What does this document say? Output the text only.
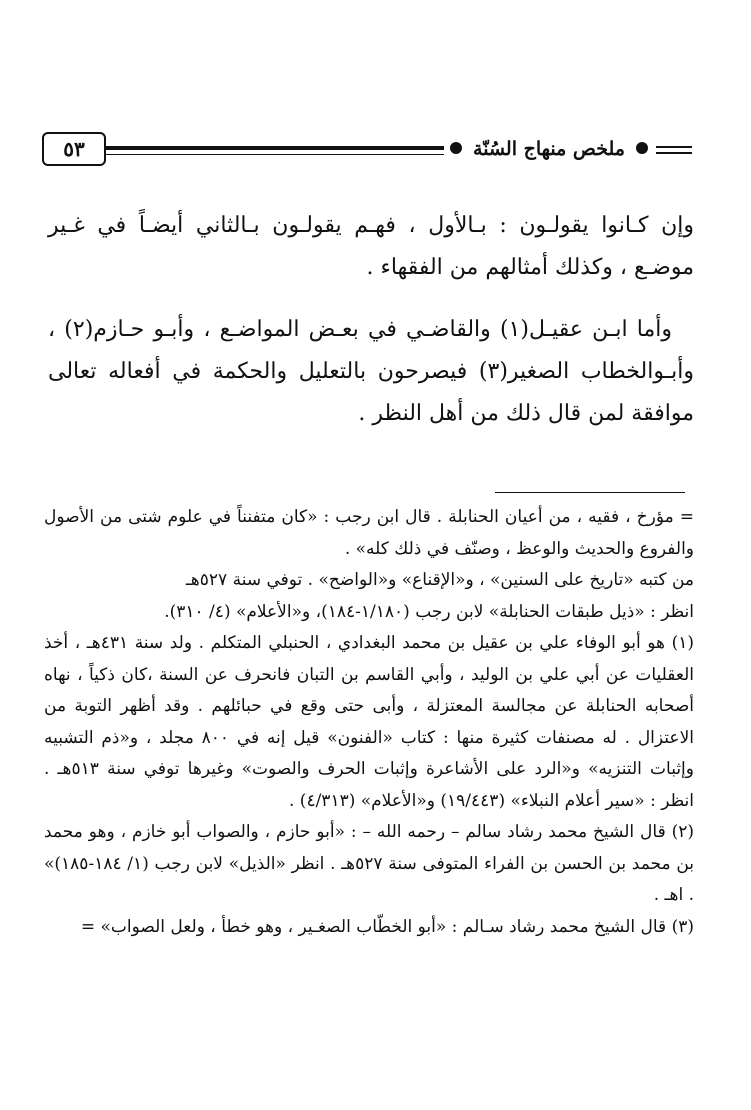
٥٣	ملخص منهاج السُنّة

وإن كـانوا يقولـون : بـالأول ، فهـم يقولـون بـالثاني أيضـاً في غـير موضـع ، وكذلك أمثالهم من الفقهاء .

وأما ابـن عقيـل(١) والقاضـي في بعـض المواضـع ، وأبـو حـازم(٢) ، وأبـوالخطاب الصغير(٣) فيصرحون بالتعليل والحكمة في أفعاله تعالى موافقة لمن قال ذلك من أهل النظر .

= مؤرخ ، فقيه ، من أعيان الحنابلة . قال ابن رجب : «كان متفنناً في علوم شتى من الأصول والفروع والحديث والوعظ ، وصنّف في ذلك كله» .

من كتبه «تاريخ على السنين» ، و«الإقناع» و«الواضح» . توفي سنة ٥٢٧هـ

انظر : «ذيل طبقات الحنابلة» لابن رجب (١/١٨٠-١٨٤)، و«الأعلام» (٤/ ٣١٠).

(١) هو أبو الوفاء علي بن عقيل بن محمد البغدادي ، الحنبلي المتكلم . ولد سنة ٤٣١هـ ، أخذ العقليات عن أبي علي بن الوليد ، وأبي القاسم بن التبان فانحرف عن السنة ،كان ذكياً ، نهاه أصحابه الحنابلة عن مجالسة المعتزلة ، وأبى حتى وقع في حبائلهم . وقد أظهر التوبة من الاعتزال . له مصنفات كثيرة منها : كتاب «الفنون» قيل إنه في ٨٠٠ مجلد ، و«ذم التشبيه وإثبات التنزيه» و«الرد على الأشاعرة وإثبات الحرف والصوت» وغيرها توفي سنة ٥١٣هـ . انظر : «سير أعلام النبلاء» (١٩/٤٤٣) و«الأعلام» (٤/٣١٣) .

(٢) قال الشيخ محمد رشاد سالم – رحمه الله – : «أبو حازم ، والصواب أبو خازم ، وهو محمد بن محمد بن الحسن بن الفراء المتوفى سنة ٥٢٧هـ . انظر «الذيل» لابن رجب (١/ ١٨٤-١٨٥)» . اهـ .

(٣) قال الشيخ محمد رشاد سـالم : «أبو الخطّاب الصغـير ، وهو خطأ ، ولعل الصواب» =
